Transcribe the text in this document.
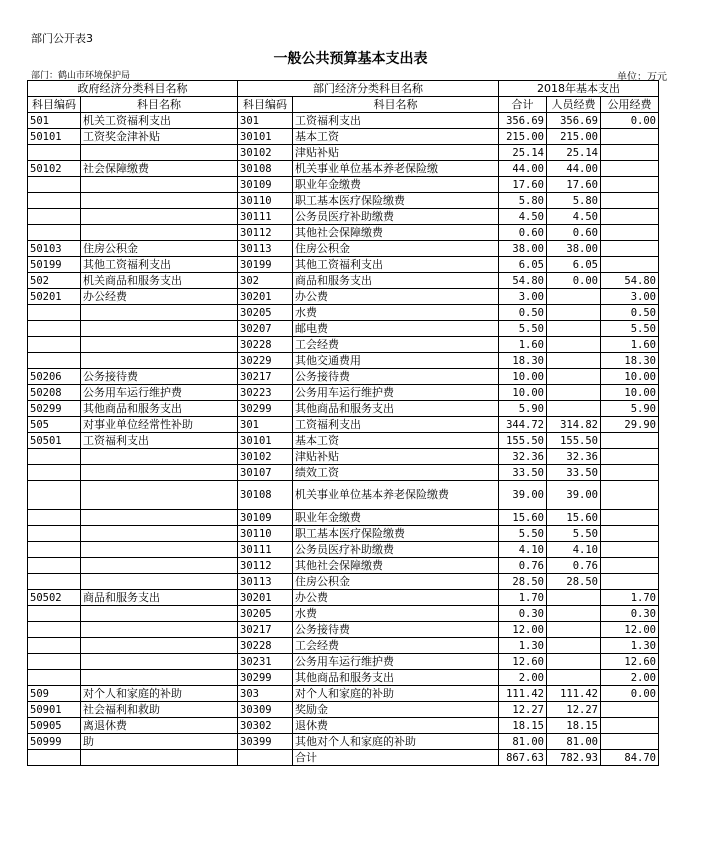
部门公开表3
一般公共预算基本支出表
部门：鹤山市环境保护局	单位：万元
政府经济分类科目名称		部门经济分类科目名称		2018年基本支出		
科目编码	科目名称	科目编码	科目名称	合计	人员经费	公用经费
501	机关工资福利支出	301	工资福利支出	356.69	356.69	0.00
50101	工资奖金津补贴	30101	基本工资	215.00	215.00	
		30102	津贴补贴	25.14	25.14	
50102	社会保障缴费	30108	机关事业单位基本养老保险缴	44.00	44.00	
		30109	职业年金缴费	17.60	17.60	
		30110	职工基本医疗保险缴费	5.80	5.80	
		30111	公务员医疗补助缴费	4.50	4.50	
		30112	其他社会保障缴费	0.60	0.60	
50103	住房公积金	30113	住房公积金	38.00	38.00	
50199	其他工资福利支出	30199	其他工资福利支出	6.05	6.05	
502	机关商品和服务支出	302	商品和服务支出	54.80	0.00	54.80
50201	办公经费	30201	办公费	3.00		3.00
		30205	水费	0.50		0.50
		30207	邮电费	5.50		5.50
		30228	工会经费	1.60		1.60
		30229	其他交通费用	18.30		18.30
50206	公务接待费	30217	公务接待费	10.00		10.00
50208	公务用车运行维护费	30223	公务用车运行维护费	10.00		10.00
50299	其他商品和服务支出	30299	其他商品和服务支出	5.90		5.90
505	对事业单位经常性补助	301	工资福利支出	344.72	314.82	29.90
50501	工资福利支出	30101	基本工资	155.50	155.50	
		30102	津贴补贴	32.36	32.36	
		30107	绩效工资	33.50	33.50	
		30108	机关事业单位基本养老保险缴费	39.00	39.00	
		30109	职业年金缴费	15.60	15.60	
		30110	职工基本医疗保险缴费	5.50	5.50	
		30111	公务员医疗补助缴费	4.10	4.10	
		30112	其他社会保障缴费	0.76	0.76	
		30113	住房公积金	28.50	28.50	
50502	商品和服务支出	30201	办公费	1.70		1.70
		30205	水费	0.30		0.30
		30217	公务接待费	12.00		12.00
		30228	工会经费	1.30		1.30
		30231	公务用车运行维护费	12.60		12.60
		30299	其他商品和服务支出	2.00		2.00
509	对个人和家庭的补助	303	对个人和家庭的补助	111.42	111.42	0.00
50901	社会福利和救助	30309	奖励金	12.27	12.27	
50905	离退休费	30302	退休费	18.15	18.15	
50999	助	30399	其他对个人和家庭的补助	81.00	81.00	
			合计	867.63	782.93	84.70
